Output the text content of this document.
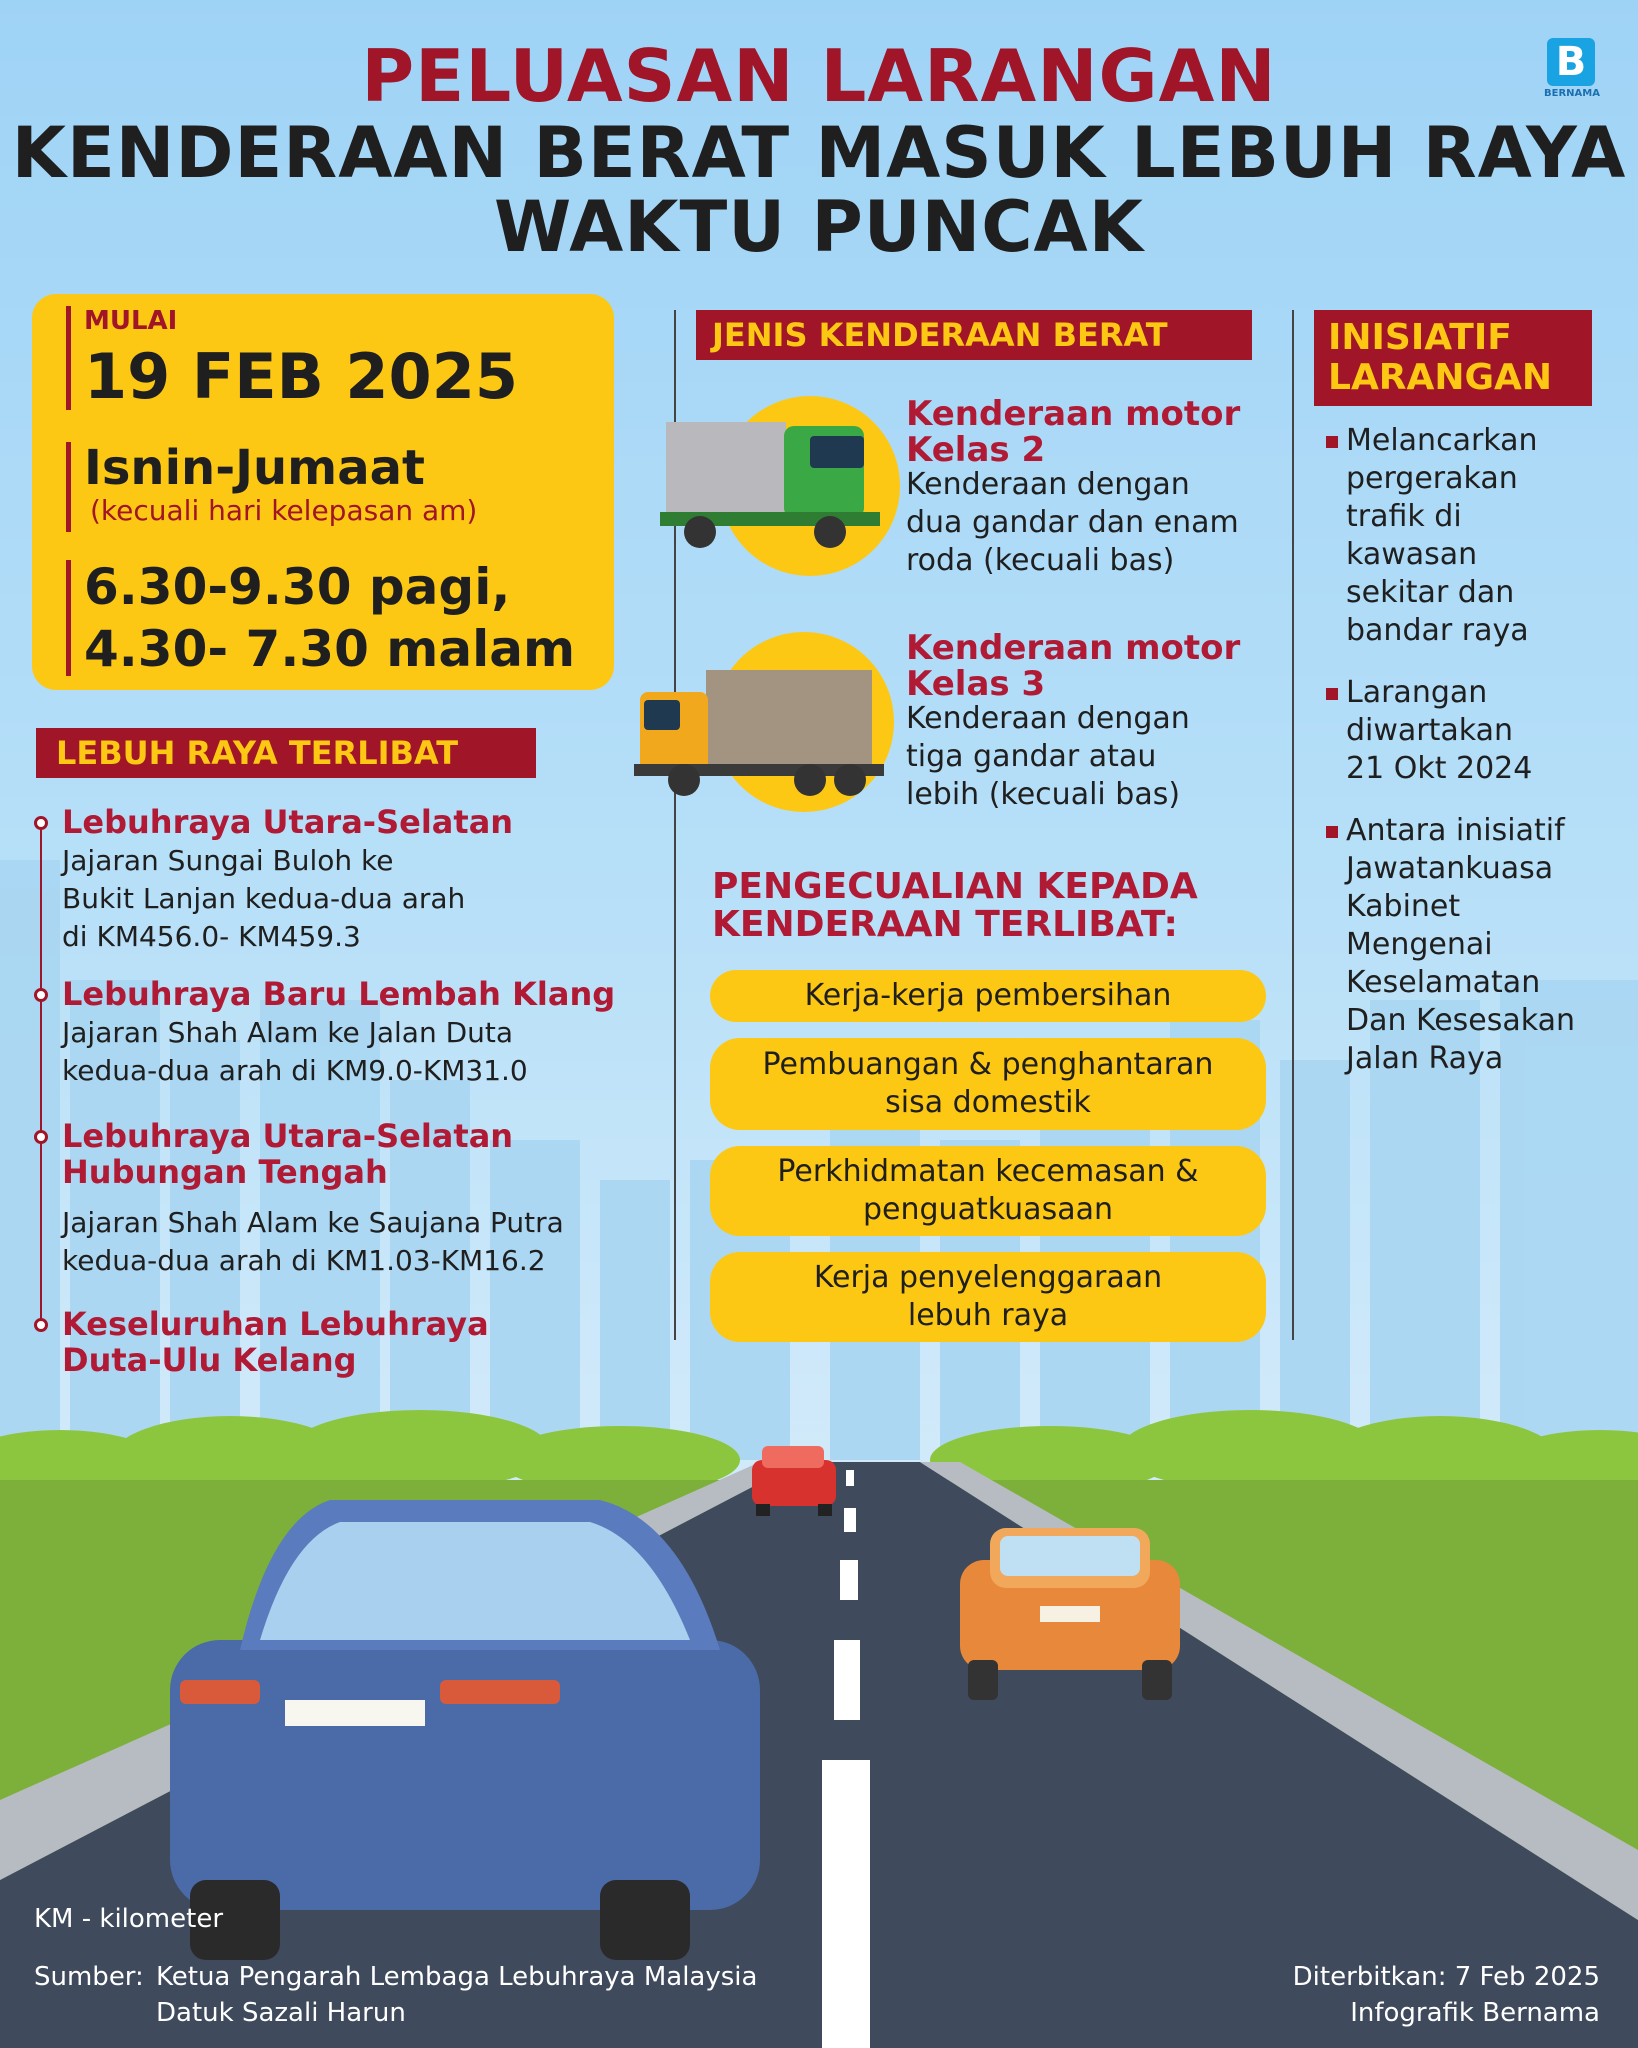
PELUASAN LARANGAN
KENDERAAN BERAT MASUK LEBUH RAYA
WAKTU PUNCAK
B
BERNAMA
MULAI
19 FEB 2025
Isnin-Jumaat
(kecuali hari kelepasan am)
6.30-9.30 pagi,
4.30- 7.30 malam
LEBUH RAYA TERLIBAT
Lebuhraya Utara-Selatan
Jajaran Sungai Buloh ke
Bukit Lanjan kedua-dua arah
di KM456.0- KM459.3
Lebuhraya Baru Lembah Klang
Jajaran Shah Alam ke Jalan Duta
kedua-dua arah di KM9.0-KM31.0
Lebuhraya Utara-Selatan
Hubungan Tengah
Jajaran Shah Alam ke Saujana Putra
kedua-dua arah di KM1.03-KM16.2
Keseluruhan Lebuhraya
Duta-Ulu Kelang
JENIS KENDERAAN BERAT
Kenderaan motor
Kelas 2
Kenderaan dengan
dua gandar dan enam
roda (kecuali bas)
Kenderaan motor
Kelas 3
Kenderaan dengan
tiga gandar atau
lebih (kecuali bas)
PENGECUALIAN KEPADA
KENDERAAN TERLIBAT:
Kerja-kerja pembersihan
Pembuangan & penghantaran
sisa domestik
Perkhidmatan kecemasan &
penguatkuasaan
Kerja penyelenggaraan
lebuh raya
INISIATIF
LARANGAN
Melancarkan
pergerakan
trafik di
kawasan
sekitar dan
bandar raya
Larangan
diwartakan
21 Okt 2024
Antara inisiatif
Jawatankuasa
Kabinet
Mengenai
Keselamatan
Dan Kesesakan
Jalan Raya
KM - kilometer
Sumber: Ketua Pengarah Lembaga Lebuhraya Malaysia
Datuk Sazali Harun
Diterbitkan: 7 Feb 2025
Infografik Bernama
